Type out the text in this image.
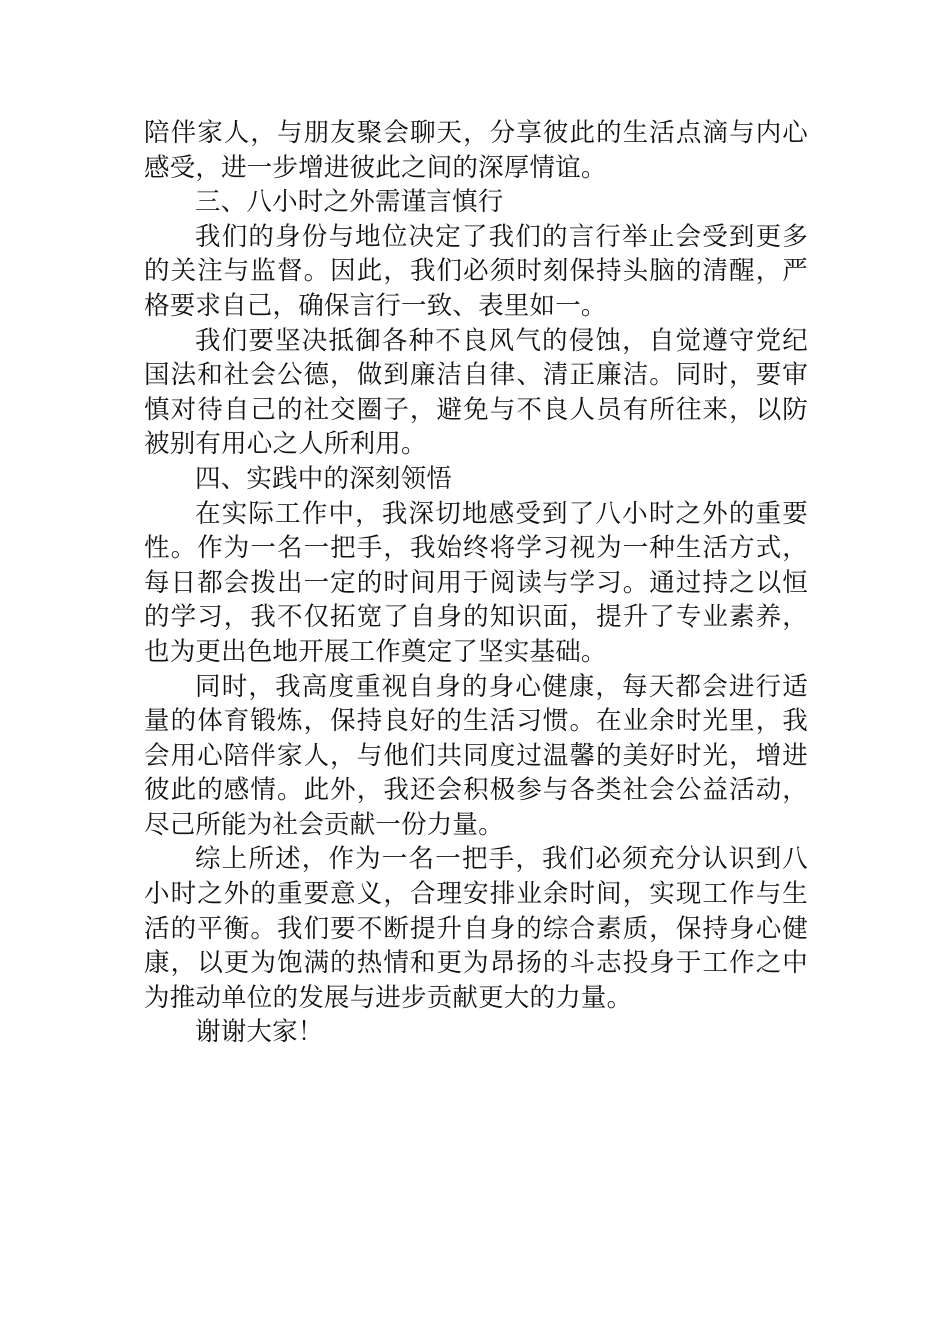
陪伴家人，与朋友聚会聊天，分享彼此的生活点滴与内心感受，进一步增进彼此之间的深厚情谊。

三、八小时之外需谨言慎行

我们的身份与地位决定了我们的言行举止会受到更多的关注与监督。因此，我们必须时刻保持头脑的清醒，严格要求自己，确保言行一致、表里如一。

我们要坚决抵御各种不良风气的侵蚀，自觉遵守党纪国法和社会公德，做到廉洁自律、清正廉洁。同时，要审慎对待自己的社交圈子，避免与不良人员有所往来，以防被别有用心之人所利用。

四、实践中的深刻领悟

在实际工作中，我深切地感受到了八小时之外的重要性。作为一名一把手，我始终将学习视为一种生活方式，每日都会拨出一定的时间用于阅读与学习。通过持之以恒的学习，我不仅拓宽了自身的知识面，提升了专业素养，也为更出色地开展工作奠定了坚实基础。

同时，我高度重视自身的身心健康，每天都会进行适量的体育锻炼，保持良好的生活习惯。在业余时光里，我会用心陪伴家人，与他们共同度过温馨的美好时光，增进彼此的感情。此外，我还会积极参与各类社会公益活动，尽己所能为社会贡献一份力量。

综上所述，作为一名一把手，我们必须充分认识到八小时之外的重要意义，合理安排业余时间，实现工作与生活的平衡。我们要不断提升自身的综合素质，保持身心健康，以更为饱满的热情和更为昂扬的斗志投身于工作之中为推动单位的发展与进步贡献更大的力量。

谢谢大家！
